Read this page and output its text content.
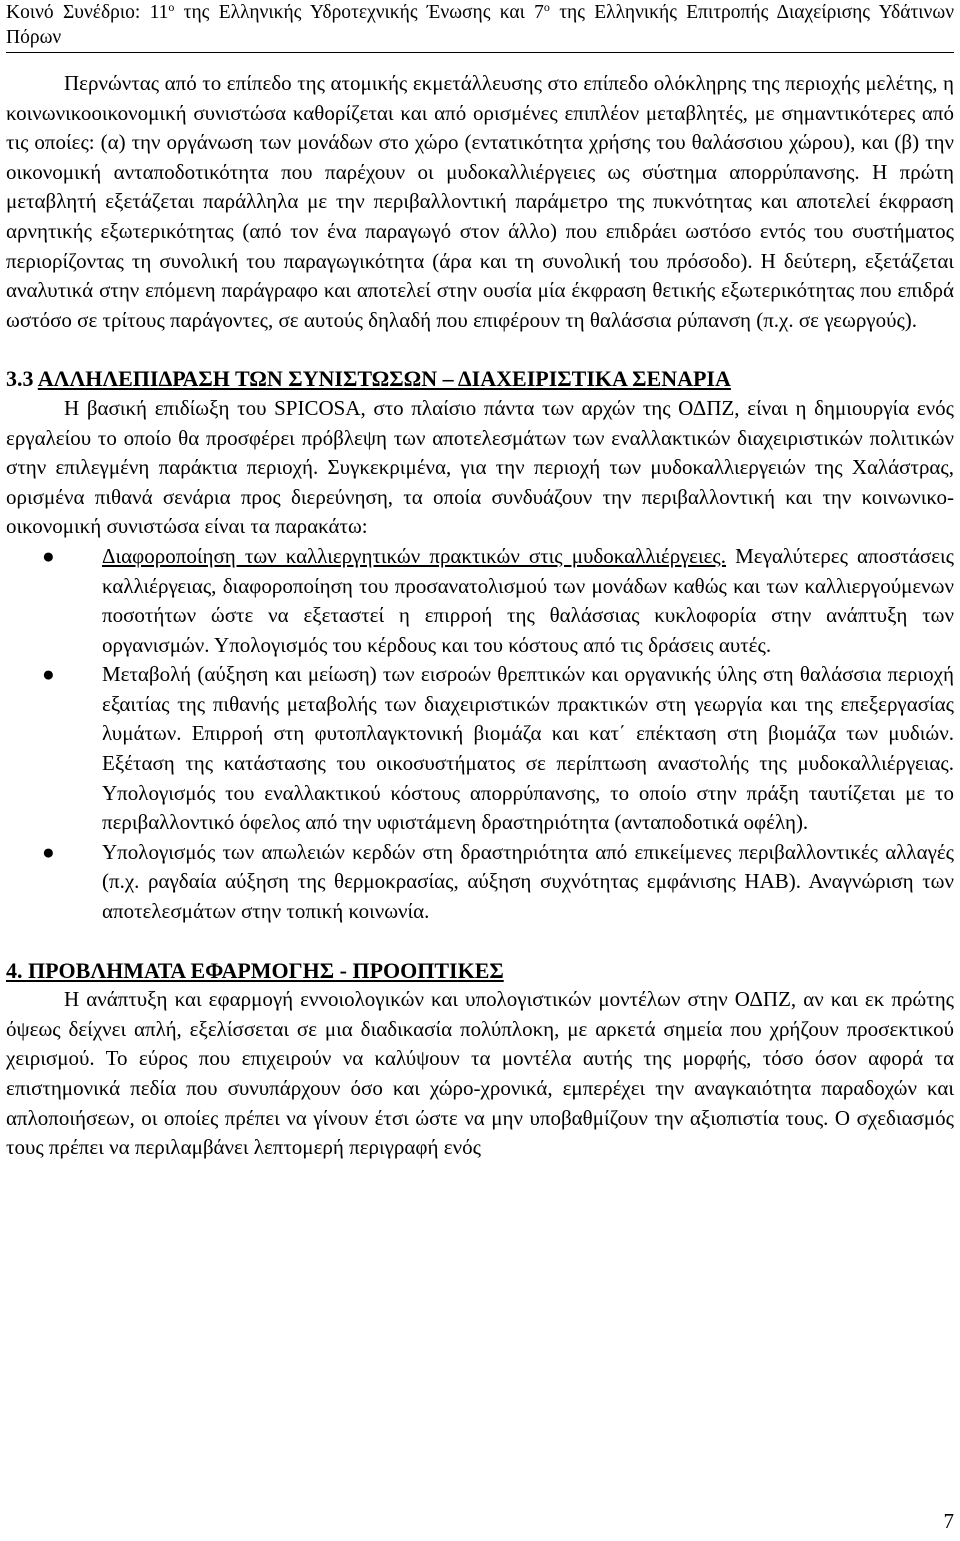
Κοινό Συνέδριο: $11^o$ της Ελληνικής Υδροτεχνικής Ένωσης και $7^o$ της Ελληνικής Επιτροπής Διαχείρισης Υδάτινων Πόρων

Περνώντας από το επίπεδο της ατομικής εκμετάλλευσης στο επίπεδο ολόκληρης της περιοχής μελέτης, η κοινωνικοοικονομική συνιστώσα καθορίζεται και από ορισμένες επιπλέον μεταβλητές, με σημαντικότερες από τις οποίες: (α) την οργάνωση των μονάδων στο χώρο (εντατικότητα χρήσης του θαλάσσιου χώρου), και (β) την οικονομική ανταποδοτικότητα που παρέχουν οι μυδοκαλλιέργειες ως σύστημα απορρύπανσης. Η πρώτη μεταβλητή εξετάζεται παράλληλα με την περιβαλλοντική παράμετρο της πυκνότητας και αποτελεί έκφραση αρνητικής εξωτερικότητας (από τον ένα παραγωγό στον άλλο) που επιδράει ωστόσο εντός του συστήματος περιορίζοντας τη συνολική του παραγωγικότητα (άρα και τη συνολική του πρόσοδο). Η δεύτερη, εξετάζεται αναλυτικά στην επόμενη παράγραφο και αποτελεί στην ουσία μία έκφραση θετικής εξωτερικότητας που επιδρά ωστόσο σε τρίτους παράγοντες, σε αυτούς δηλαδή που επιφέρουν τη θαλάσσια ρύπανση (π.χ. σε γεωργούς).

3.3 ΑΛΛΗΛΕΠΙΔΡΑΣΗ ΤΩΝ ΣΥΝΙΣΤΩΣΩΝ – ΔΙΑΧΕΙΡΙΣΤΙΚΑ ΣΕΝΑΡΙΑ

Η βασική επιδίωξη του SPICOSA, στο πλαίσιο πάντα των αρχών της ΟΔΠΖ, είναι η δημιουργία ενός εργαλείου το οποίο θα προσφέρει πρόβλεψη των αποτελεσμάτων των εναλλακτικών διαχειριστικών πολιτικών στην επιλεγμένη παράκτια περιοχή. Συγκεκριμένα, για την περιοχή των μυδοκαλλιεργειών της Χαλάστρας, ορισμένα πιθανά σενάρια προς διερεύνηση, τα οποία συνδυάζουν την περιβαλλοντική και την κοινωνικο-οικονομική συνιστώσα είναι τα παρακάτω:

● Διαφοροποίηση των καλλιεργητικών πρακτικών στις μυδοκαλλιέργειες. Μεγαλύτερες αποστάσεις καλλιέργειας, διαφοροποίηση του προσανατολισμού των μονάδων καθώς και των καλλιεργούμενων ποσοτήτων ώστε να εξεταστεί η επιρροή της θαλάσσιας κυκλοφορία στην ανάπτυξη των οργανισμών. Υπολογισμός του κέρδους και του κόστους από τις δράσεις αυτές.
● Μεταβολή (αύξηση και μείωση) των εισροών θρεπτικών και οργανικής ύλης στη θαλάσσια περιοχή εξαιτίας της πιθανής μεταβολής των διαχειριστικών πρακτικών στη γεωργία και της επεξεργασίας λυμάτων. Επιρροή στη φυτοπλαγκτονική βιομάζα και κατ΄ επέκταση στη βιομάζα των μυδιών. Εξέταση της κατάστασης του οικοσυστήματος σε περίπτωση αναστολής της μυδοκαλλιέργειας. Υπολογισμός του εναλλακτικού κόστους απορρύπανσης, το οποίο στην πράξη ταυτίζεται με το περιβαλλοντικό όφελος από την υφιστάμενη δραστηριότητα (ανταποδοτικά οφέλη).
● Υπολογισμός των απωλειών κερδών στη δραστηριότητα από επικείμενες περιβαλλοντικές αλλαγές (π.χ. ραγδαία αύξηση της θερμοκρασίας, αύξηση συχνότητας εμφάνισης HAB). Αναγνώριση των αποτελεσμάτων στην τοπική κοινωνία.
4. ΠΡΟΒΛΗΜΑΤΑ ΕΦΑΡΜΟΓΗΣ - ΠΡΟΟΠΤΙΚΕΣ

Η ανάπτυξη και εφαρμογή εννοιολογικών και υπολογιστικών μοντέλων στην ΟΔΠΖ, αν και εκ πρώτης όψεως δείχνει απλή, εξελίσσεται σε μια διαδικασία πολύπλοκη, με αρκετά σημεία που χρήζουν προσεκτικού χειρισμού. Το εύρος που επιχειρούν να καλύψουν τα μοντέλα αυτής της μορφής, τόσο όσον αφορά τα επιστημονικά πεδία που συνυπάρχουν όσο και χώρο-χρονικά, εμπερέχει την αναγκαιότητα παραδοχών και απλοποιήσεων, οι οποίες πρέπει να γίνουν έτσι ώστε να μην υποβαθμίζουν την αξιοπιστία τους. Ο σχεδιασμός τους πρέπει να περιλαμβάνει λεπτομερή περιγραφή ενός

7
